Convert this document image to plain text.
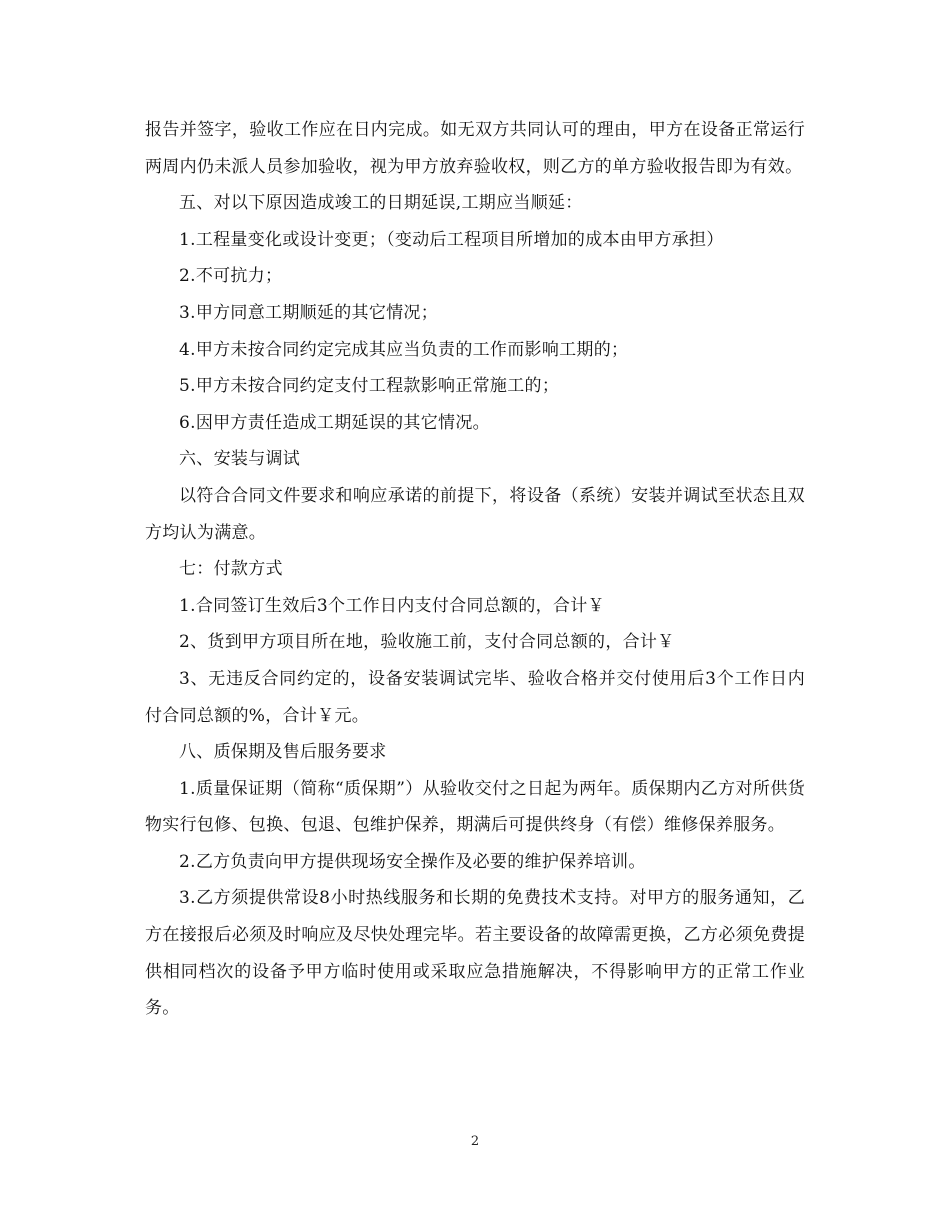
报告并签字，验收工作应在日内完成。如无双方共同认可的理由，甲方在设备正常运行两周内仍未派人员参加验收，视为甲方放弃验收权，则乙方的单方验收报告即为有效。

五、对以下原因造成竣工的日期延误,工期应当顺延：

1.工程量变化或设计变更；（变动后工程项目所增加的成本由甲方承担）

2.不可抗力；

3.甲方同意工期顺延的其它情况；

4.甲方未按合同约定完成其应当负责的工作而影响工期的；

5.甲方未按合同约定支付工程款影响正常施工的；

6.因甲方责任造成工期延误的其它情况。

六、安装与调试

以符合合同文件要求和响应承诺的前提下，将设备（系统）安装并调试至状态且双方均认为满意。

七：付款方式

1.合同签订生效后3个工作日内支付合同总额的，合计￥

2、货到甲方项目所在地，验收施工前，支付合同总额的，合计￥

3、无违反合同约定的，设备安装调试完毕、验收合格并交付使用后3个工作日内付合同总额的%，合计￥元。

八、质保期及售后服务要求

1.质量保证期（简称“质保期”）从验收交付之日起为两年。质保期内乙方对所供货物实行包修、包换、包退、包维护保养，期满后可提供终身（有偿）维修保养服务。

2.乙方负责向甲方提供现场安全操作及必要的维护保养培训。

3.乙方须提供常设8小时热线服务和长期的免费技术支持。对甲方的服务通知，乙方在接报后必须及时响应及尽快处理完毕。若主要设备的故障需更换，乙方必须免费提供相同档次的设备予甲方临时使用或采取应急措施解决，不得影响甲方的正常工作业务。

2
